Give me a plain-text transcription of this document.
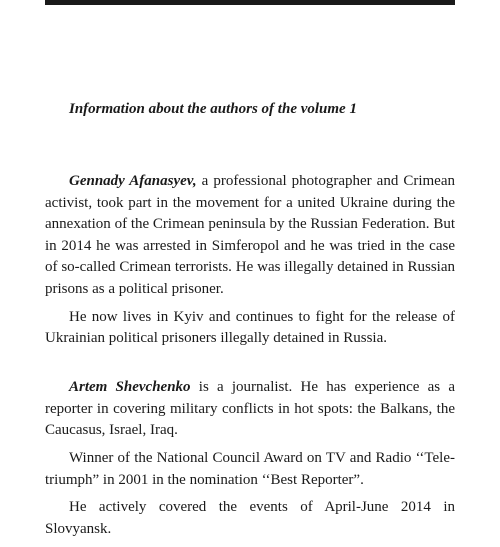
Information about the authors of the volume 1

Gennady Afanasyev, a professional photographer and Crimean activist, took part in the movement for a united Ukraine during the annexation of the Crimean peninsula by the Russian Federation. But in 2014 he was arrested in Simferopol and he was tried in the case of so-called Crimean terrorists. He was illegally detained in Russian prisons as a political prisoner.

He now lives in Kyiv and continues to fight for the release of Ukrainian political prisoners illegally detained in Russia.

Artem Shevchenko is a journalist. He has experience as a reporter in covering military conflicts in hot spots: the Balkans, the Caucasus, Israel, Iraq.

Winner of the National Council Award on TV and Radio ‘‘Tele-triumph” in 2001 in the nomination ‘‘Best Reporter”.

He actively covered the events of April-June 2014 in Slovyansk.
